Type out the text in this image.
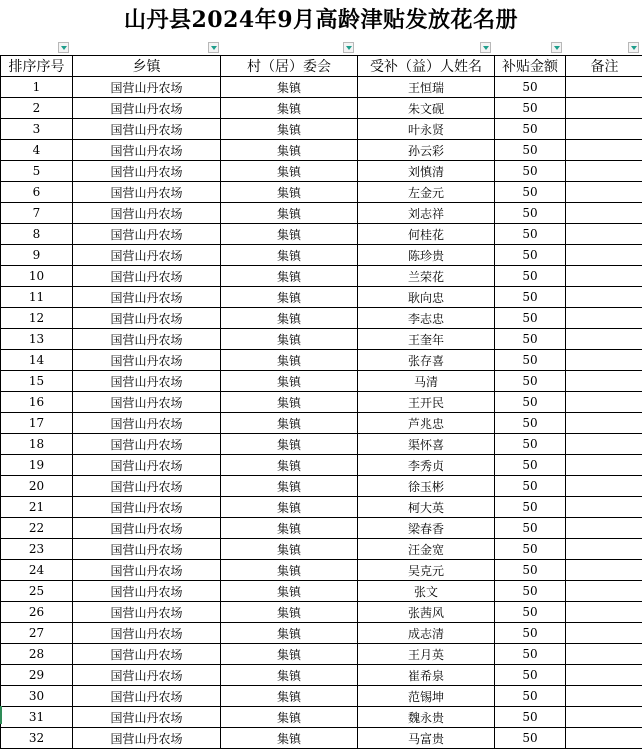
山丹县2024年9月高龄津贴发放花名册
排序序号	乡镇	村（居）委会	受补（益）人姓名	补贴金额	备注
1	国营山丹农场	集镇	王恒瑞	50	
2	国营山丹农场	集镇	朱文砚	50	
3	国营山丹农场	集镇	叶永贤	50	
4	国营山丹农场	集镇	孙云彩	50	
5	国营山丹农场	集镇	刘慎清	50	
6	国营山丹农场	集镇	左金元	50	
7	国营山丹农场	集镇	刘志祥	50	
8	国营山丹农场	集镇	何桂花	50	
9	国营山丹农场	集镇	陈珍贵	50	
10	国营山丹农场	集镇	兰荣花	50	
11	国营山丹农场	集镇	耿向忠	50	
12	国营山丹农场	集镇	李志忠	50	
13	国营山丹农场	集镇	王奎年	50	
14	国营山丹农场	集镇	张存喜	50	
15	国营山丹农场	集镇	马清	50	
16	国营山丹农场	集镇	王开民	50	
17	国营山丹农场	集镇	芦兆忠	50	
18	国营山丹农场	集镇	渠怀喜	50	
19	国营山丹农场	集镇	李秀贞	50	
20	国营山丹农场	集镇	徐玉彬	50	
21	国营山丹农场	集镇	柯大英	50	
22	国营山丹农场	集镇	梁春香	50	
23	国营山丹农场	集镇	汪金宽	50	
24	国营山丹农场	集镇	吴克元	50	
25	国营山丹农场	集镇	张文	50	
26	国营山丹农场	集镇	张茜风	50	
27	国营山丹农场	集镇	成志清	50	
28	国营山丹农场	集镇	王月英	50	
29	国营山丹农场	集镇	崔希泉	50	
30	国营山丹农场	集镇	范锡坤	50	
31	国营山丹农场	集镇	魏永贵	50	
32	国营山丹农场	集镇	马富贵	50	
